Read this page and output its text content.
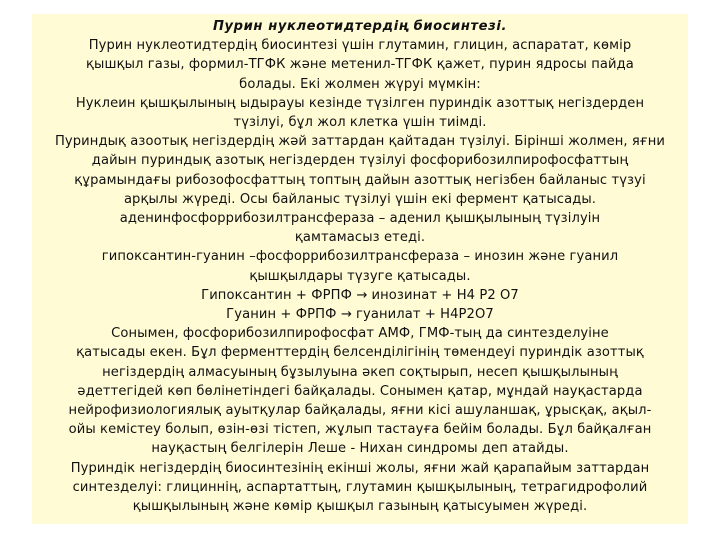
Пурин нуклеотидтердің биосинтезі.
Пурин нуклеотидтердің биосинтезі үшін глутамин, глицин, аспаратат, көмір
қышқыл газы, формил-ТГФК және метенил-ТГФК қажет, пурин ядросы пайда
болады. Екі жолмен жүруі мүмкін:
Нуклеин қышқылының ыдырауы кезінде түзілген пуриндік азоттық негіздерден
түзілуі, бұл жол клетка үшін тиімді.
Пуриндық азоотық негіздердің жәй заттардан қайтадан түзілуі. Бірінші жолмен, яғни
дайын пуриндық азотық негіздерден түзілуі фосфорибозилпирофосфаттың
құрамындағы рибозофосфаттың топтың дайын азоттық негізбен байланыс түзуі
арқылы жүреді. Осы байланыс түзілуі үшін екі фермент қатысады.
аденинфосфоррибозилтрансфераза – аденил қышқылының түзілуін
қамтамасыз етеді.
гипоксантин-гуанин –фосфоррибозилтрансфераза – инозин және гуанил
қышқылдары түзуге қатысады.
Гипоксантин + ФРПФ → инозинат + Н4 Р2 О7
Гуанин + ФРПФ → гуанилат + Н4Р2О7
Сонымен, фосфорибозилпирофосфат АМФ, ГМФ-тың да синтезделуіне
қатысады екен. Бұл ферменттердің белсенділігінің төмендеуі пуриндік азоттық
негіздердің алмасуының бұзылуына әкеп соқтырып, несеп қышқылының
әдеттегідей көп бөлінетіндегі байқалады. Сонымен қатар, мұндай науқастарда
нейрофизиологиялық ауытқулар байқалады, яғни кісі ашуланшақ, ұрысқақ, ақыл-
ойы кемістеу болып, өзін-өзі тістеп, жұлып тастауға бейім болады. Бұл байқалған
науқастың белгілерін Леше - Нихан синдромы деп атайды.
Пуриндік негіздердің биосинтезінің екінші жолы, яғни жай қарапайым заттардан
синтезделуі: глициннің, аспартаттың, глутамин қышқылының, тетрагидрофолий
қышқылының және көмір қышқыл газының қатысуымен жүреді.
